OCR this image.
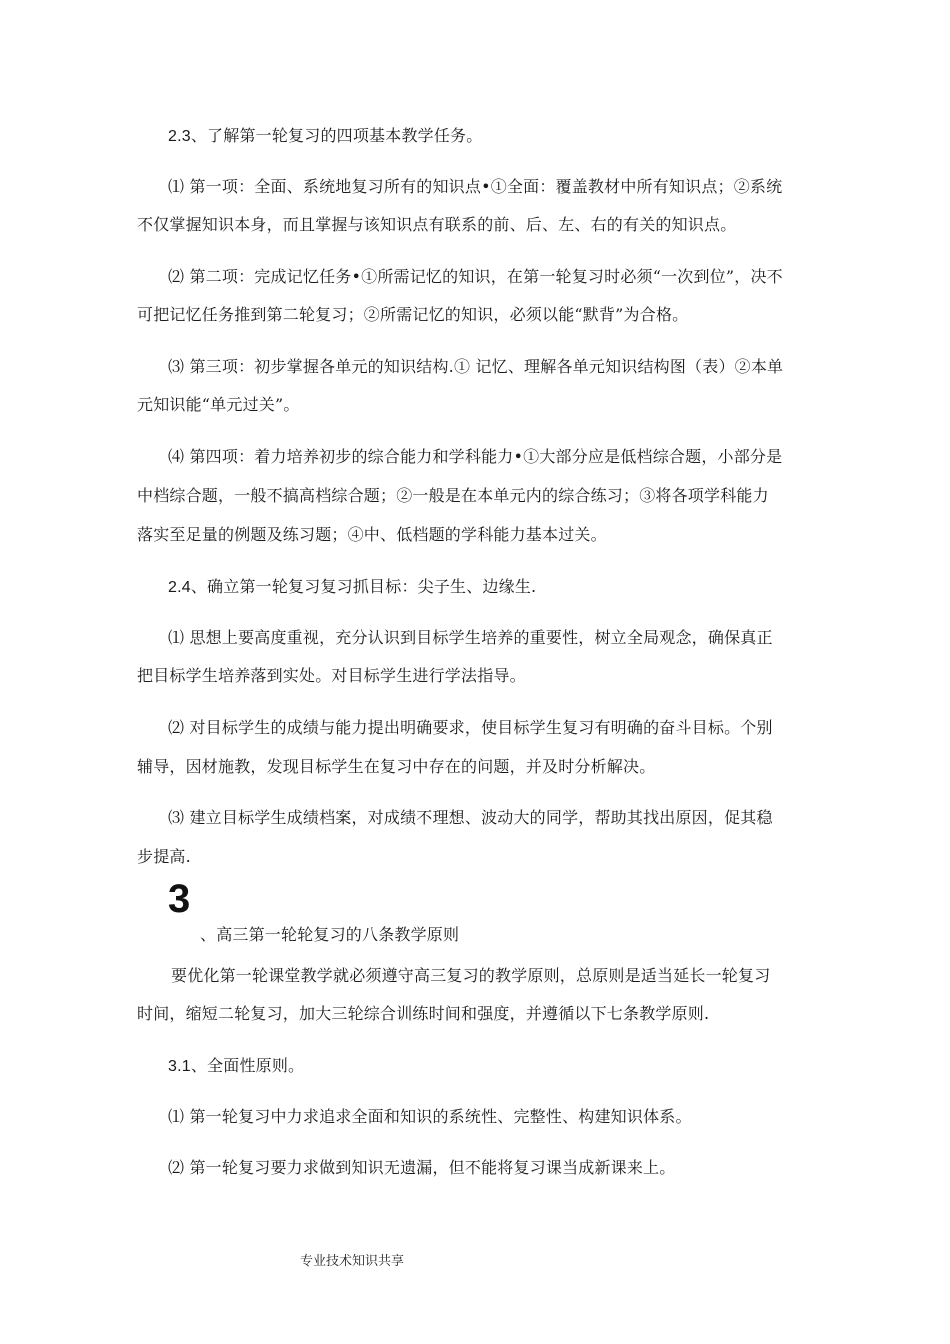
2.3、了解第一轮复习的四项基本教学任务。
⑴ 第一项：全面、系统地复习所有的知识点•①全面：覆盖教材中所有知识点；②系统
不仅掌握知识本身，而且掌握与该知识点有联系的前、后、左、右的有关的知识点。
⑵ 第二项：完成记忆任务•①所需记忆的知识，在第一轮复习时必须“一次到位”，决不
可把记忆任务推到第二轮复习；②所需记忆的知识，必须以能“默背”为合格。
⑶ 第三项：初步掌握各单元的知识结构.① 记忆、理解各单元知识结构图（表）②本单
元知识能“单元过关”。
⑷ 第四项：着力培养初步的综合能力和学科能力•①大部分应是低档综合题，小部分是
中档综合题，一般不搞高档综合题；②一般是在本单元内的综合练习；③将各项学科能力
落实至足量的例题及练习题；④中、低档题的学科能力基本过关。
2.4、确立第一轮复习复习抓目标：尖子生、边缘生.
⑴ 思想上要高度重视，充分认识到目标学生培养的重要性，树立全局观念，确保真正
把目标学生培养落到实处。对目标学生进行学法指导。
⑵ 对目标学生的成绩与能力提出明确要求，使目标学生复习有明确的奋斗目标。个别
辅导，因材施教，发现目标学生在复习中存在的问题，并及时分析解决。
⑶ 建立目标学生成绩档案，对成绩不理想、波动大的同学，帮助其找出原因，促其稳
步提高.
3
、高三第一轮轮复习的八条教学原则
要优化第一轮课堂教学就必须遵守高三复习的教学原则，总原则是适当延长一轮复习
时间，缩短二轮复习，加大三轮综合训练时间和强度，并遵循以下七条教学原则.
3.1、全面性原则。
⑴ 第一轮复习中力求追求全面和知识的系统性、完整性、构建知识体系。
⑵ 第一轮复习要力求做到知识无遗漏，但不能将复习课当成新课来上。
专业技术知识共享
